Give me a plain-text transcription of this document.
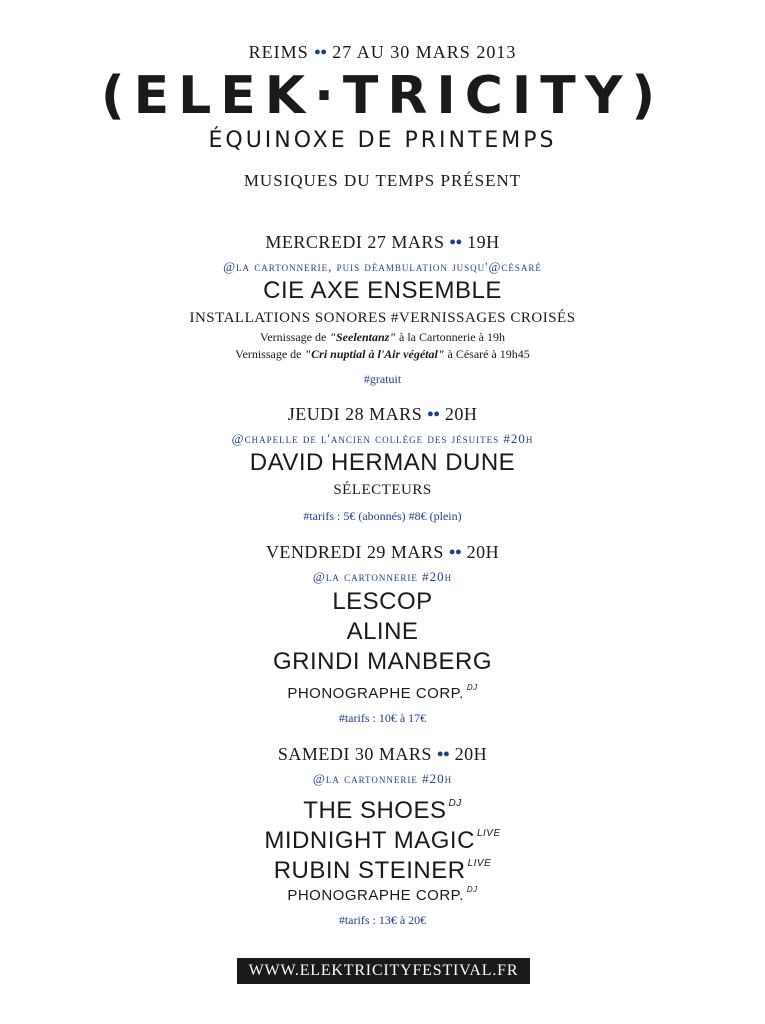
REIMS •• 27 AU 30 MARS 2013
(ELEK·TRICITY)
ÉQUINOXE DE PRINTEMPS
MUSIQUES DU TEMPS PRÉSENT
MERCREDI 27 MARS •• 19H
@la cartonnerie, puis déambulation jusqu'@césaré
CIE AXE ENSEMBLE
INSTALLATIONS SONORES #VERNISSAGES CROISÉS
Vernissage de "Seelentanz" à la Cartonnerie à 19h
Vernissage de "Cri nuptial à l'Air végétal" à Césaré à 19h45
#gratuit
JEUDI 28 MARS •• 20H
@chapelle de l'ancien collège des jésuites #20h
DAVID HERMAN DUNE
SÉLECTEURS
#tarifs : 5€ (abonnés) #8€ (plein)
VENDREDI 29 MARS •• 20H
@la cartonnerie #20h
LESCOP
ALINE
GRINDI MANBERG
PHONOGRAPHE CORP. $^{DJ}$
#tarifs : 10€ à 17€
SAMEDI 30 MARS •• 20H
@la cartonnerie #20h
THE SHOES $^{DJ}$
MIDNIGHT MAGIC $^{LIVE}$
RUBIN STEINER $^{LIVE}$
PHONOGRAPHE CORP. $^{DJ}$
#tarifs : 13€ à 20€
WWW.ELEKTRICITYFESTIVAL.FR
